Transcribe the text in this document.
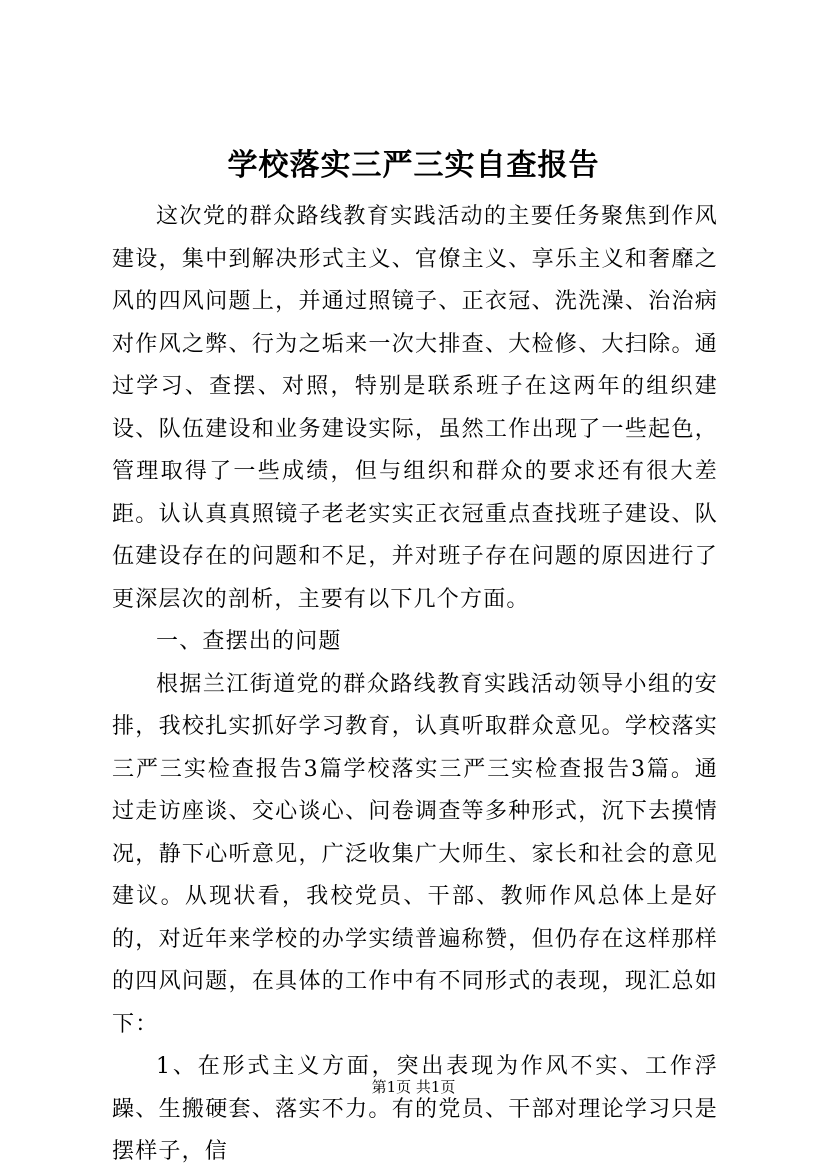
学校落实三严三实自查报告

这次党的群众路线教育实践活动的主要任务聚焦到作风建设，集中到解决形式主义、官僚主义、享乐主义和奢靡之风的四风问题上，并通过照镜子、正衣冠、洗洗澡、治治病对作风之弊、行为之垢来一次大排查、大检修、大扫除。通过学习、查摆、对照，特别是联系班子在这两年的组织建设、队伍建设和业务建设实际，虽然工作出现了一些起色，管理取得了一些成绩，但与组织和群众的要求还有很大差距。认认真真照镜子老老实实正衣冠重点查找班子建设、队伍建设存在的问题和不足，并对班子存在问题的原因进行了更深层次的剖析，主要有以下几个方面。

一、查摆出的问题

根据兰江街道党的群众路线教育实践活动领导小组的安排，我校扎实抓好学习教育，认真听取群众意见。学校落实三严三实检查报告3篇学校落实三严三实检查报告3篇。通过走访座谈、交心谈心、问卷调查等多种形式，沉下去摸情况，静下心听意见，广泛收集广大师生、家长和社会的意见建议。从现状看，我校党员、干部、教师作风总体上是好的，对近年来学校的办学实绩普遍称赞，但仍存在这样那样的四风问题，在具体的工作中有不同形式的表现，现汇总如下：

1、在形式主义方面，突出表现为作风不实、工作浮躁、生搬硬套、落实不力。有的党员、干部对理论学习只是摆样子，信

第1页 共1页
